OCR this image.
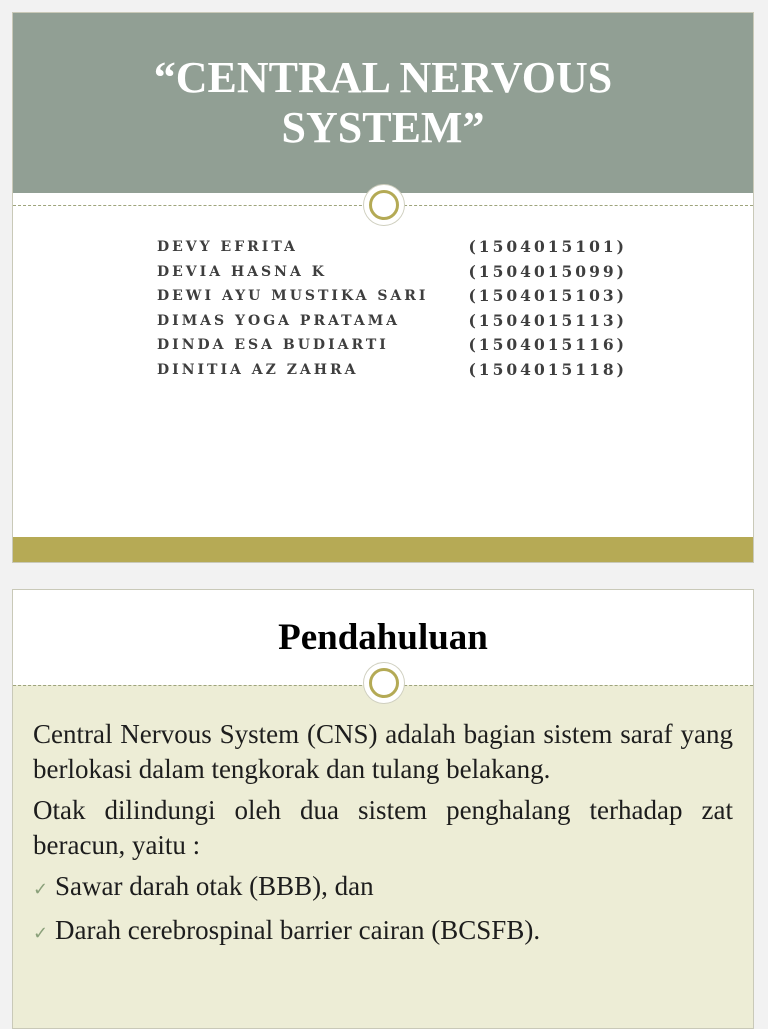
“CENTRAL NERVOUS SYSTEM”
DEVY EFRITA	(1504015101)
DEVIA HASNA K	(1504015099)
DEWI AYU MUSTIKA SARI	(1504015103)
DIMAS YOGA PRATAMA	(1504015113)
DINDA ESA BUDIARTI	(1504015116)
DINITIA AZ ZAHRA	(1504015118)
Pendahuluan

Central Nervous System (CNS) adalah bagian sistem saraf yang berlokasi dalam tengkorak dan tulang belakang.

Otak dilindungi oleh dua sistem penghalang terhadap zat beracun, yaitu :

✓ Sawar darah otak (BBB), dan
✓ Darah cerebrospinal barrier cairan (BCSFB).
